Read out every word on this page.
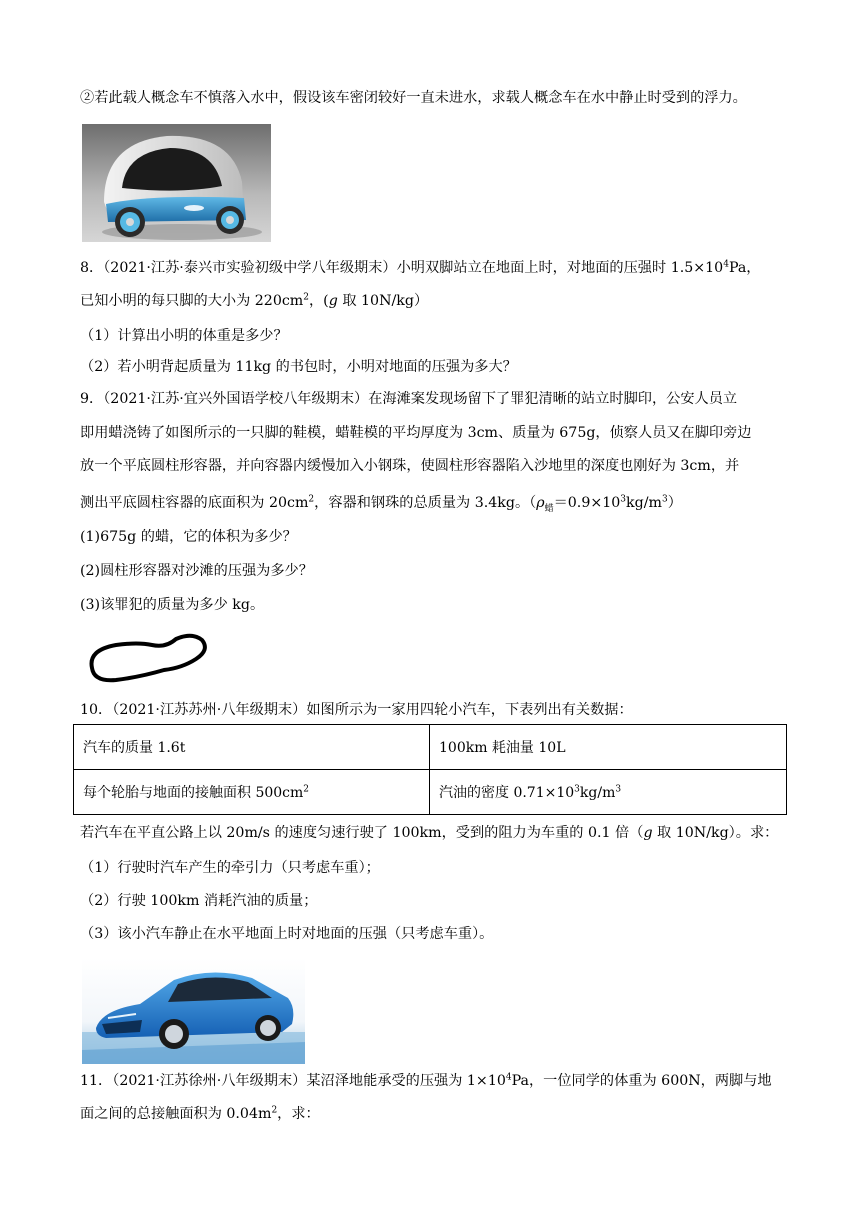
②若此载人概念车不慎落入水中，假设该车密闭较好一直未进水，求载人概念车在水中静止时受到的浮力。
8．（2021·江苏·泰兴市实验初级中学八年级期末）小明双脚站立在地面上时，对地面的压强时 $1.5\times 10^4Pa$，
已知小明的每只脚的大小为 $220cm^2$，(g 取 10N/kg）
（1）计算出小明的体重是多少？
（2）若小明背起质量为 11kg 的书包时，小明对地面的压强为多大？
9．（2021·江苏·宜兴外国语学校八年级期末）在海滩案发现场留下了罪犯清晰的站立时脚印，公安人员立
即用蜡浇铸了如图所示的一只脚的鞋模，蜡鞋模的平均厚度为 3cm、质量为 675g，侦察人员又在脚印旁边
放一个平底圆柱形容器，并向容器内缓慢加入小钢珠，使圆柱形容器陷入沙地里的深度也刚好为 3cm，并
测出平底圆柱容器的底面积为 $20cm^2$，容器和钢珠的总质量为 3.4kg。$(\rho_蜡=0.9\times 10^3kg/m^3)$
(1)675g 的蜡，它的体积为多少？
(2)圆柱形容器对沙滩的压强为多少？
(3)该罪犯的质量为多少 kg。
10．（2021·江苏苏州·八年级期末）如图所示为一家用四轮小汽车，下表列出有关数据：
汽车的质量 1.6t	100km 耗油量 10L
每个轮胎与地面的接触面积 $500cm^2$	汽油的密度 $0.71\times 10^3kg/m^3$
若汽车在平直公路上以 20m/s 的速度匀速行驶了 100km，受到的阻力为车重的 0.1 倍（g 取 10N/kg）。求：
（1）行驶时汽车产生的牵引力（只考虑车重）；
（2）行驶 100km 消耗汽油的质量；
（3）该小汽车静止在水平地面上时对地面的压强（只考虑车重）。
11．（2021·江苏徐州·八年级期末）某沼泽地能承受的压强为 $1\times 10^4Pa$，一位同学的体重为 600N，两脚与地
面之间的总接触面积为 $0.04m^2$，求：
